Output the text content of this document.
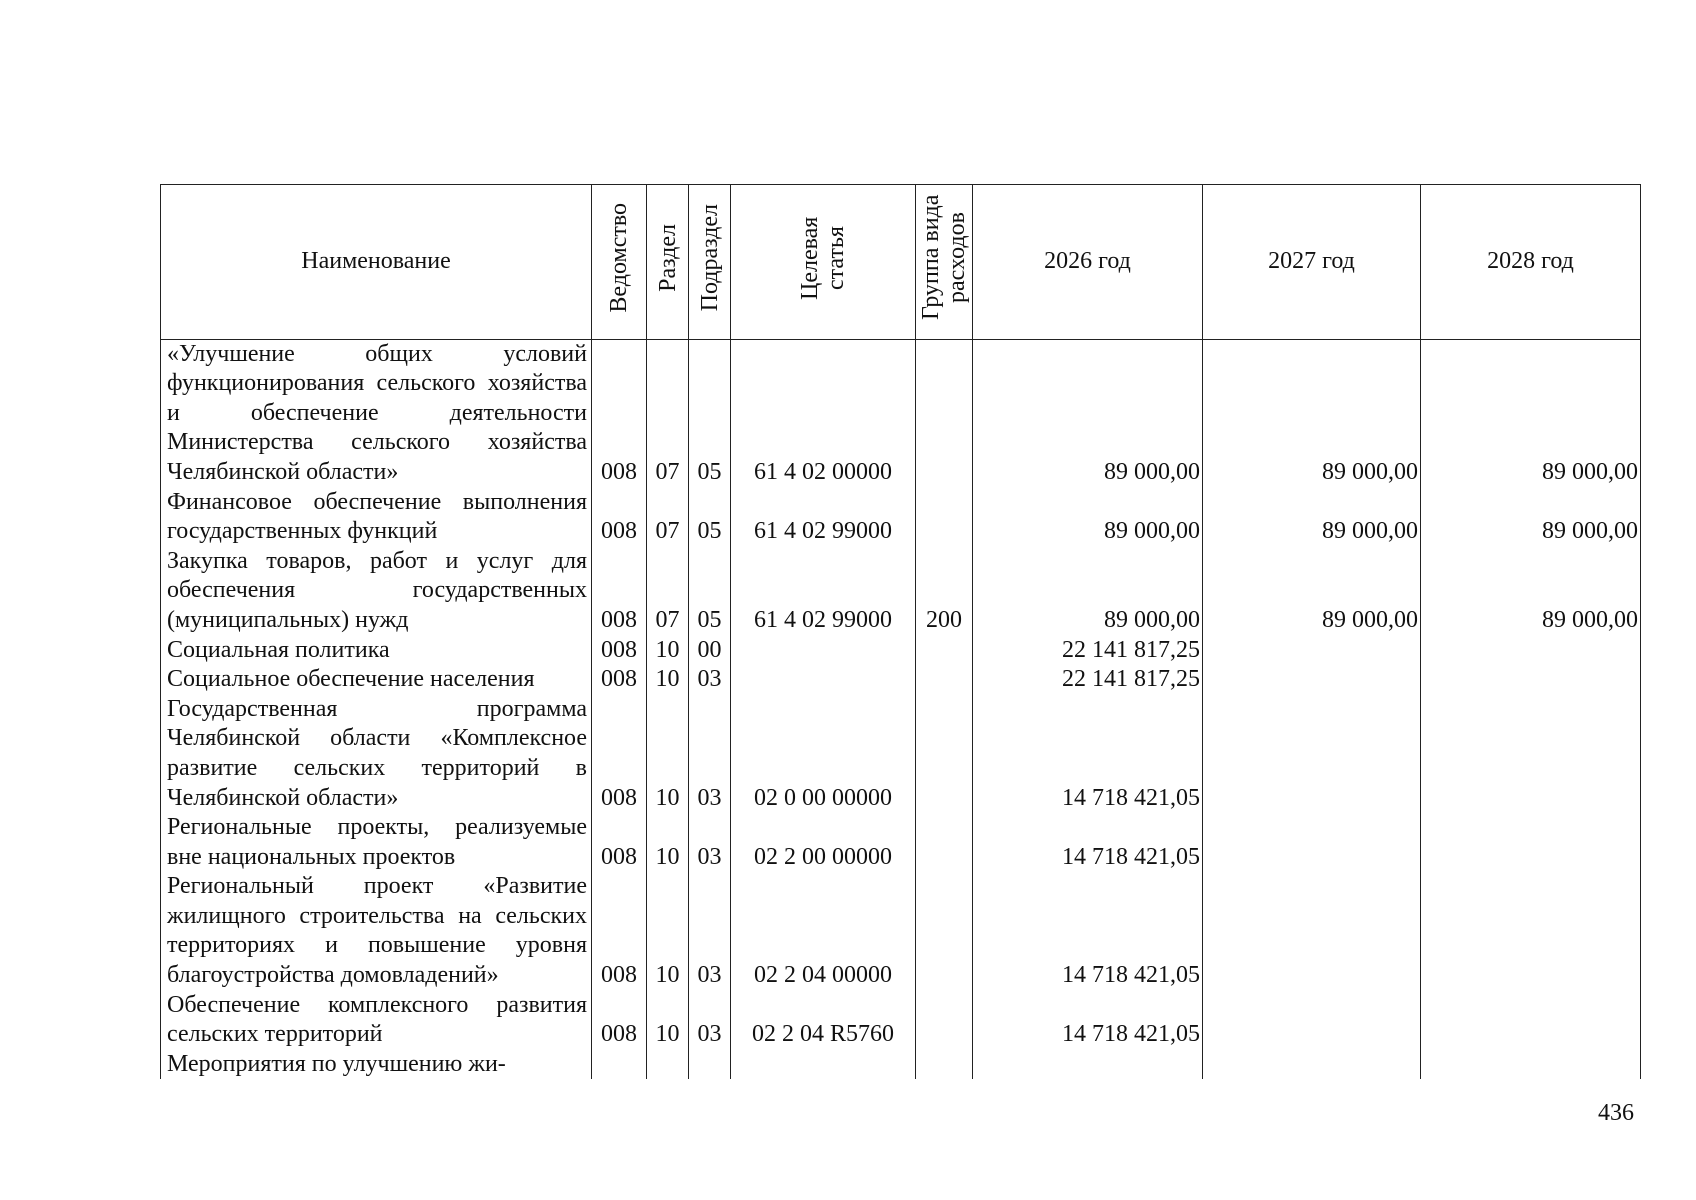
Наименование	Ведомство	Раздел	Подраздел	Целевая статья	Группа вида расходов	2026 год	2027 год	2028 год
«Улучшение общих условий функционирования сельского хозяйства и обеспечение деятельности Министерства сельского хозяйства Челябинской области»	008	07	05	61 4 02 00000		89 000,00	89 000,00	89 000,00
Финансовое обеспечение выполнения государственных функций	008	07	05	61 4 02 99000		89 000,00	89 000,00	89 000,00
Закупка товаров, работ и услуг для обеспечения государственных (муниципальных) нужд	008	07	05	61 4 02 99000	200	89 000,00	89 000,00	89 000,00
Социальная политика	008	10	00			22 141 817,25		
Социальное обеспечение населения	008	10	03			22 141 817,25		
Государственная программа Челябинской области «Комплексное развитие сельских территорий в Челябинской области»	008	10	03	02 0 00 00000		14 718 421,05		
Региональные проекты, реализуемые вне национальных проектов	008	10	03	02 2 00 00000		14 718 421,05		
Региональный проект «Развитие жилищного строительства на сельских территориях и повышение уровня благоустройства домовладений»	008	10	03	02 2 04 00000		14 718 421,05		
Обеспечение комплексного развития сельских территорий	008	10	03	02 2 04 R5760		14 718 421,05		
Мероприятия по улучшению жи-								
436
